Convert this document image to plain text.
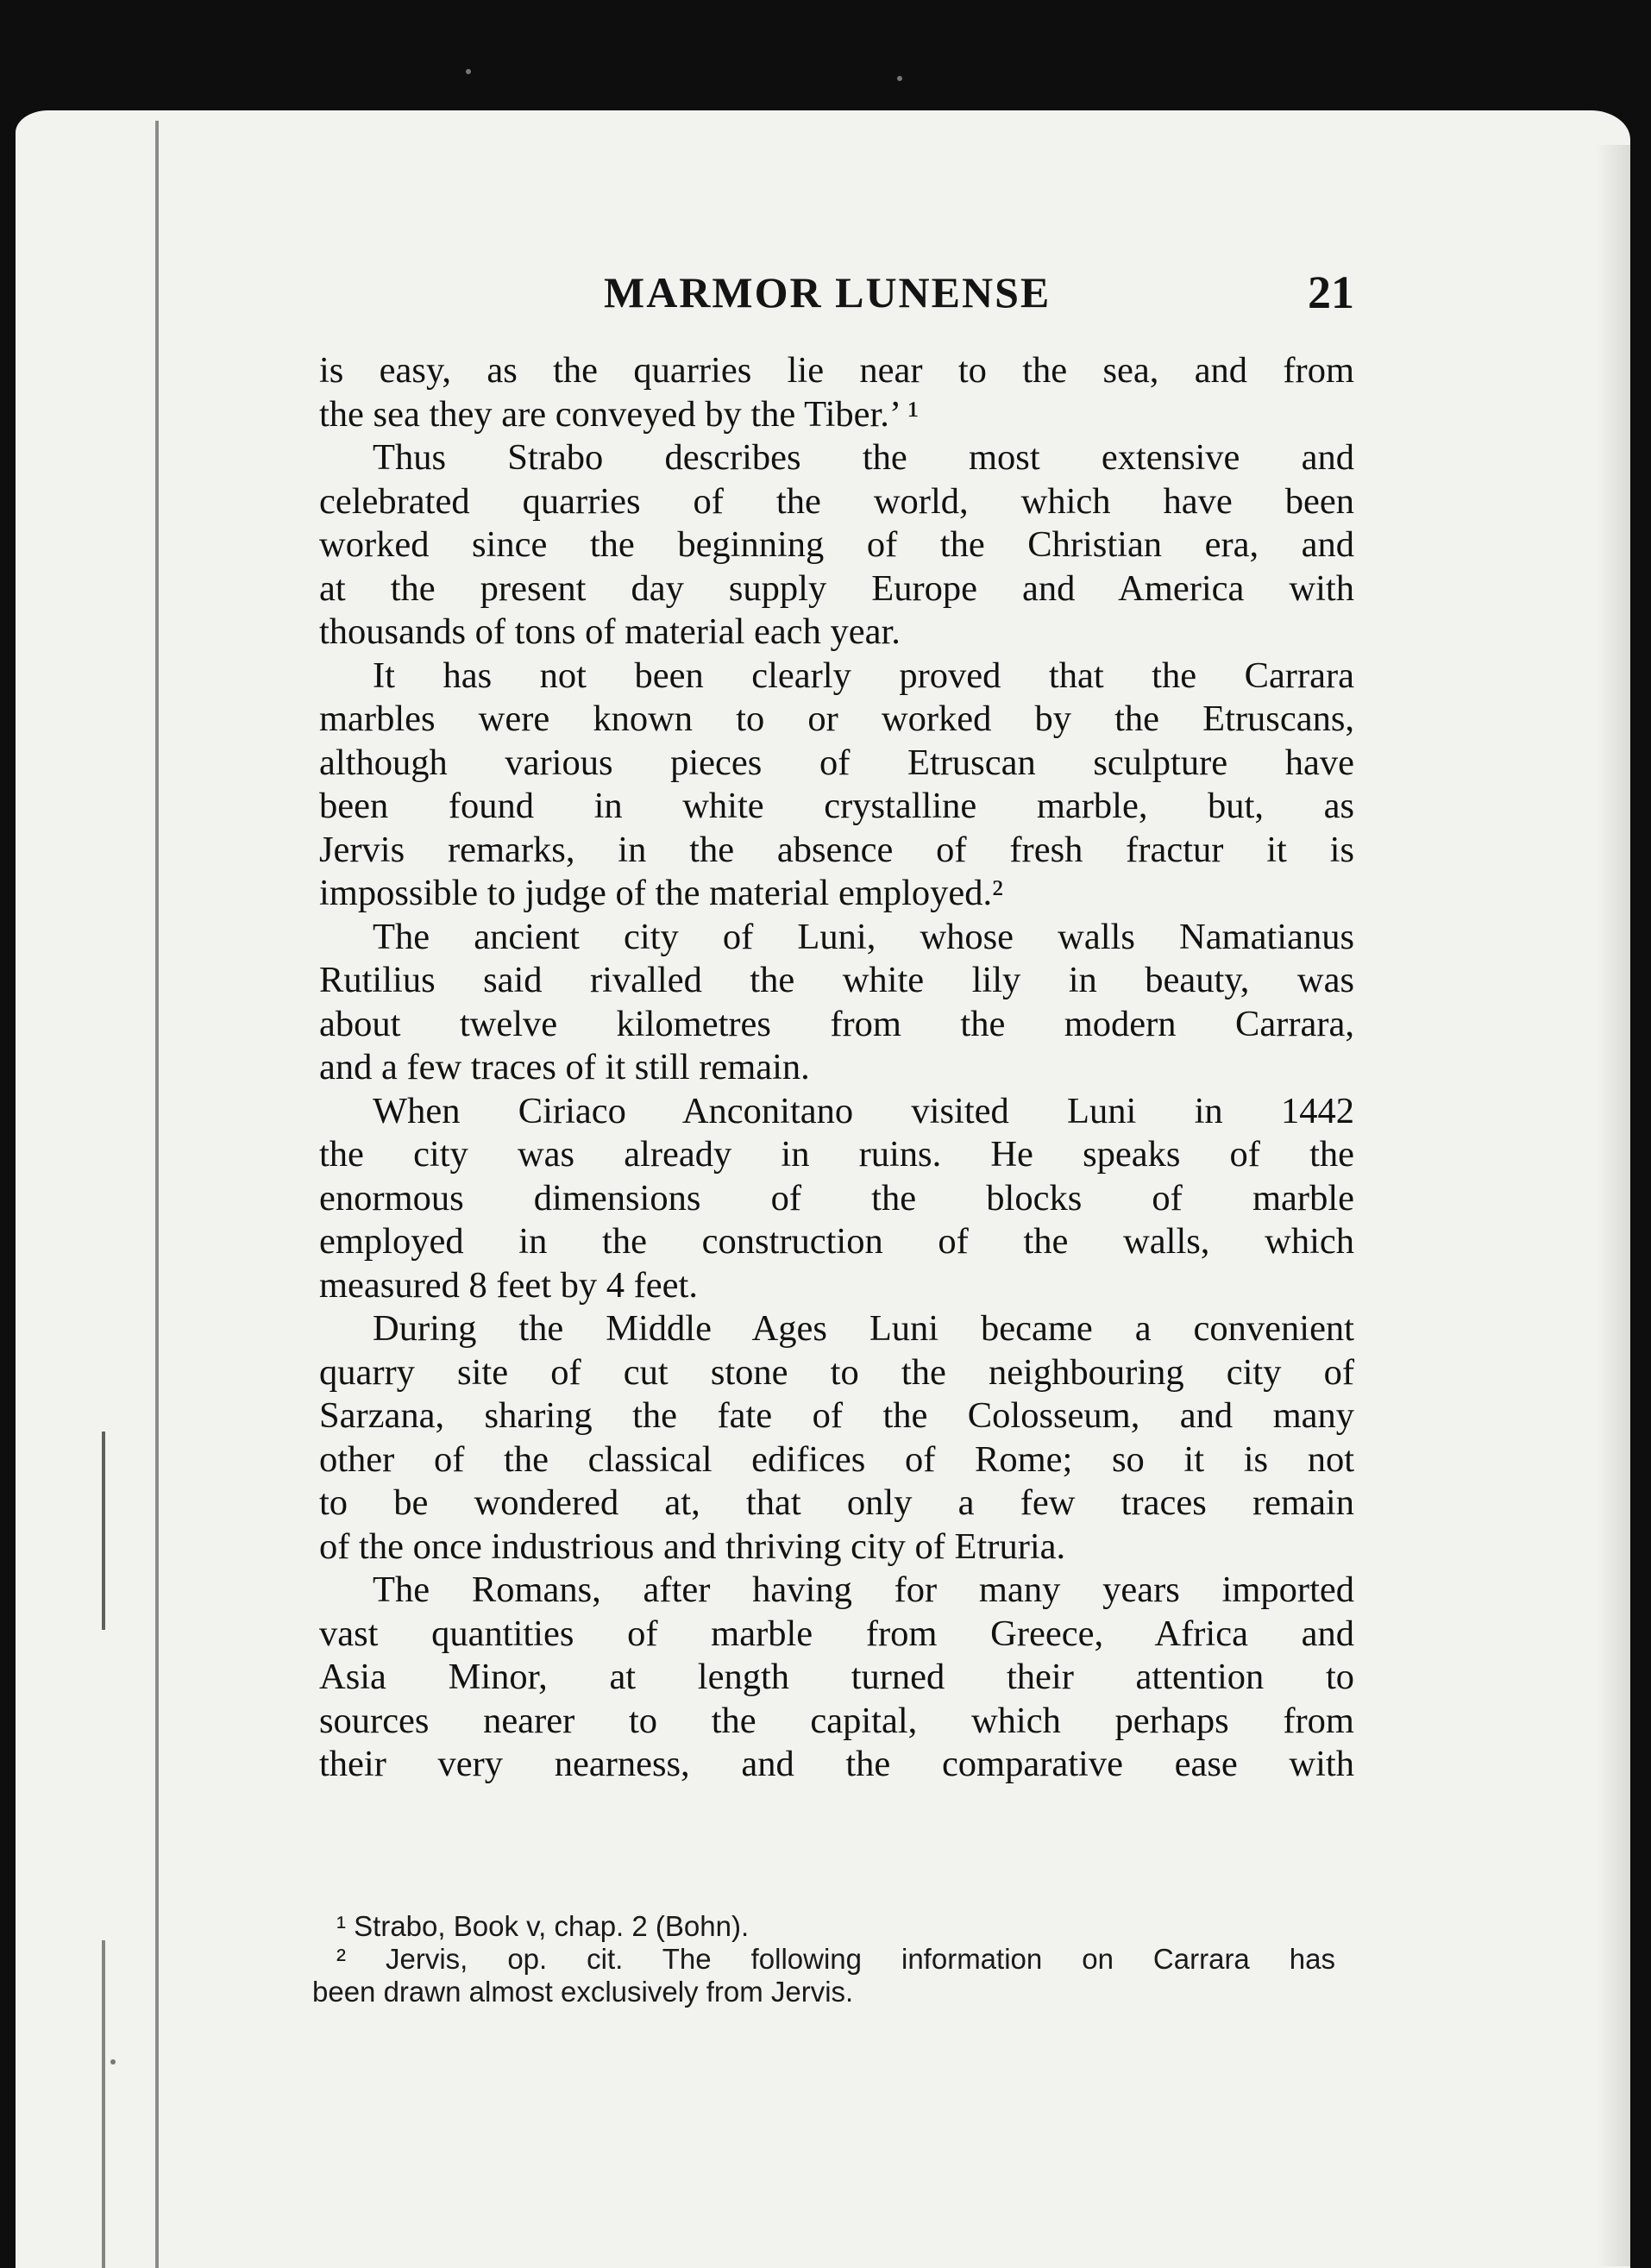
MARMOR LUNENSE	21
is easy, as the quarries lie near to the sea, and from
the sea they are conveyed by the Tiber.’ ¹
Thus Strabo describes the most extensive and
celebrated quarries of the world, which have been
worked since the beginning of the Christian era, and
at the present day supply Europe and America with
thousands of tons of material each year.
It has not been clearly proved that the Carrara
marbles were known to or worked by the Etruscans,
although various pieces of Etruscan sculpture have
been found in white crystalline marble, but, as
Jervis remarks, in the absence of fresh fractur it is
impossible to judge of the material employed.²
The ancient city of Luni, whose walls Namatianus
Rutilius said rivalled the white lily in beauty, was
about twelve kilometres from the modern Carrara,
and a few traces of it still remain.
When Ciriaco Anconitano visited Luni in 1442
the city was already in ruins. He speaks of the
enormous dimensions of the blocks of marble
employed in the construction of the walls, which
measured 8 feet by 4 feet.
During the Middle Ages Luni became a convenient
quarry site of cut stone to the neighbouring city of
Sarzana, sharing the fate of the Colosseum, and many
other of the classical edifices of Rome; so it is not
to be wondered at, that only a few traces remain
of the once industrious and thriving city of Etruria.
The Romans, after having for many years imported
vast quantities of marble from Greece, Africa and
Asia Minor, at length turned their attention to
sources nearer to the capital, which perhaps from
their very nearness, and the comparative ease with
¹ Strabo, Book v, chap. 2 (Bohn).
² Jervis, op. cit. The following information on Carrara has
been drawn almost exclusively from Jervis.
